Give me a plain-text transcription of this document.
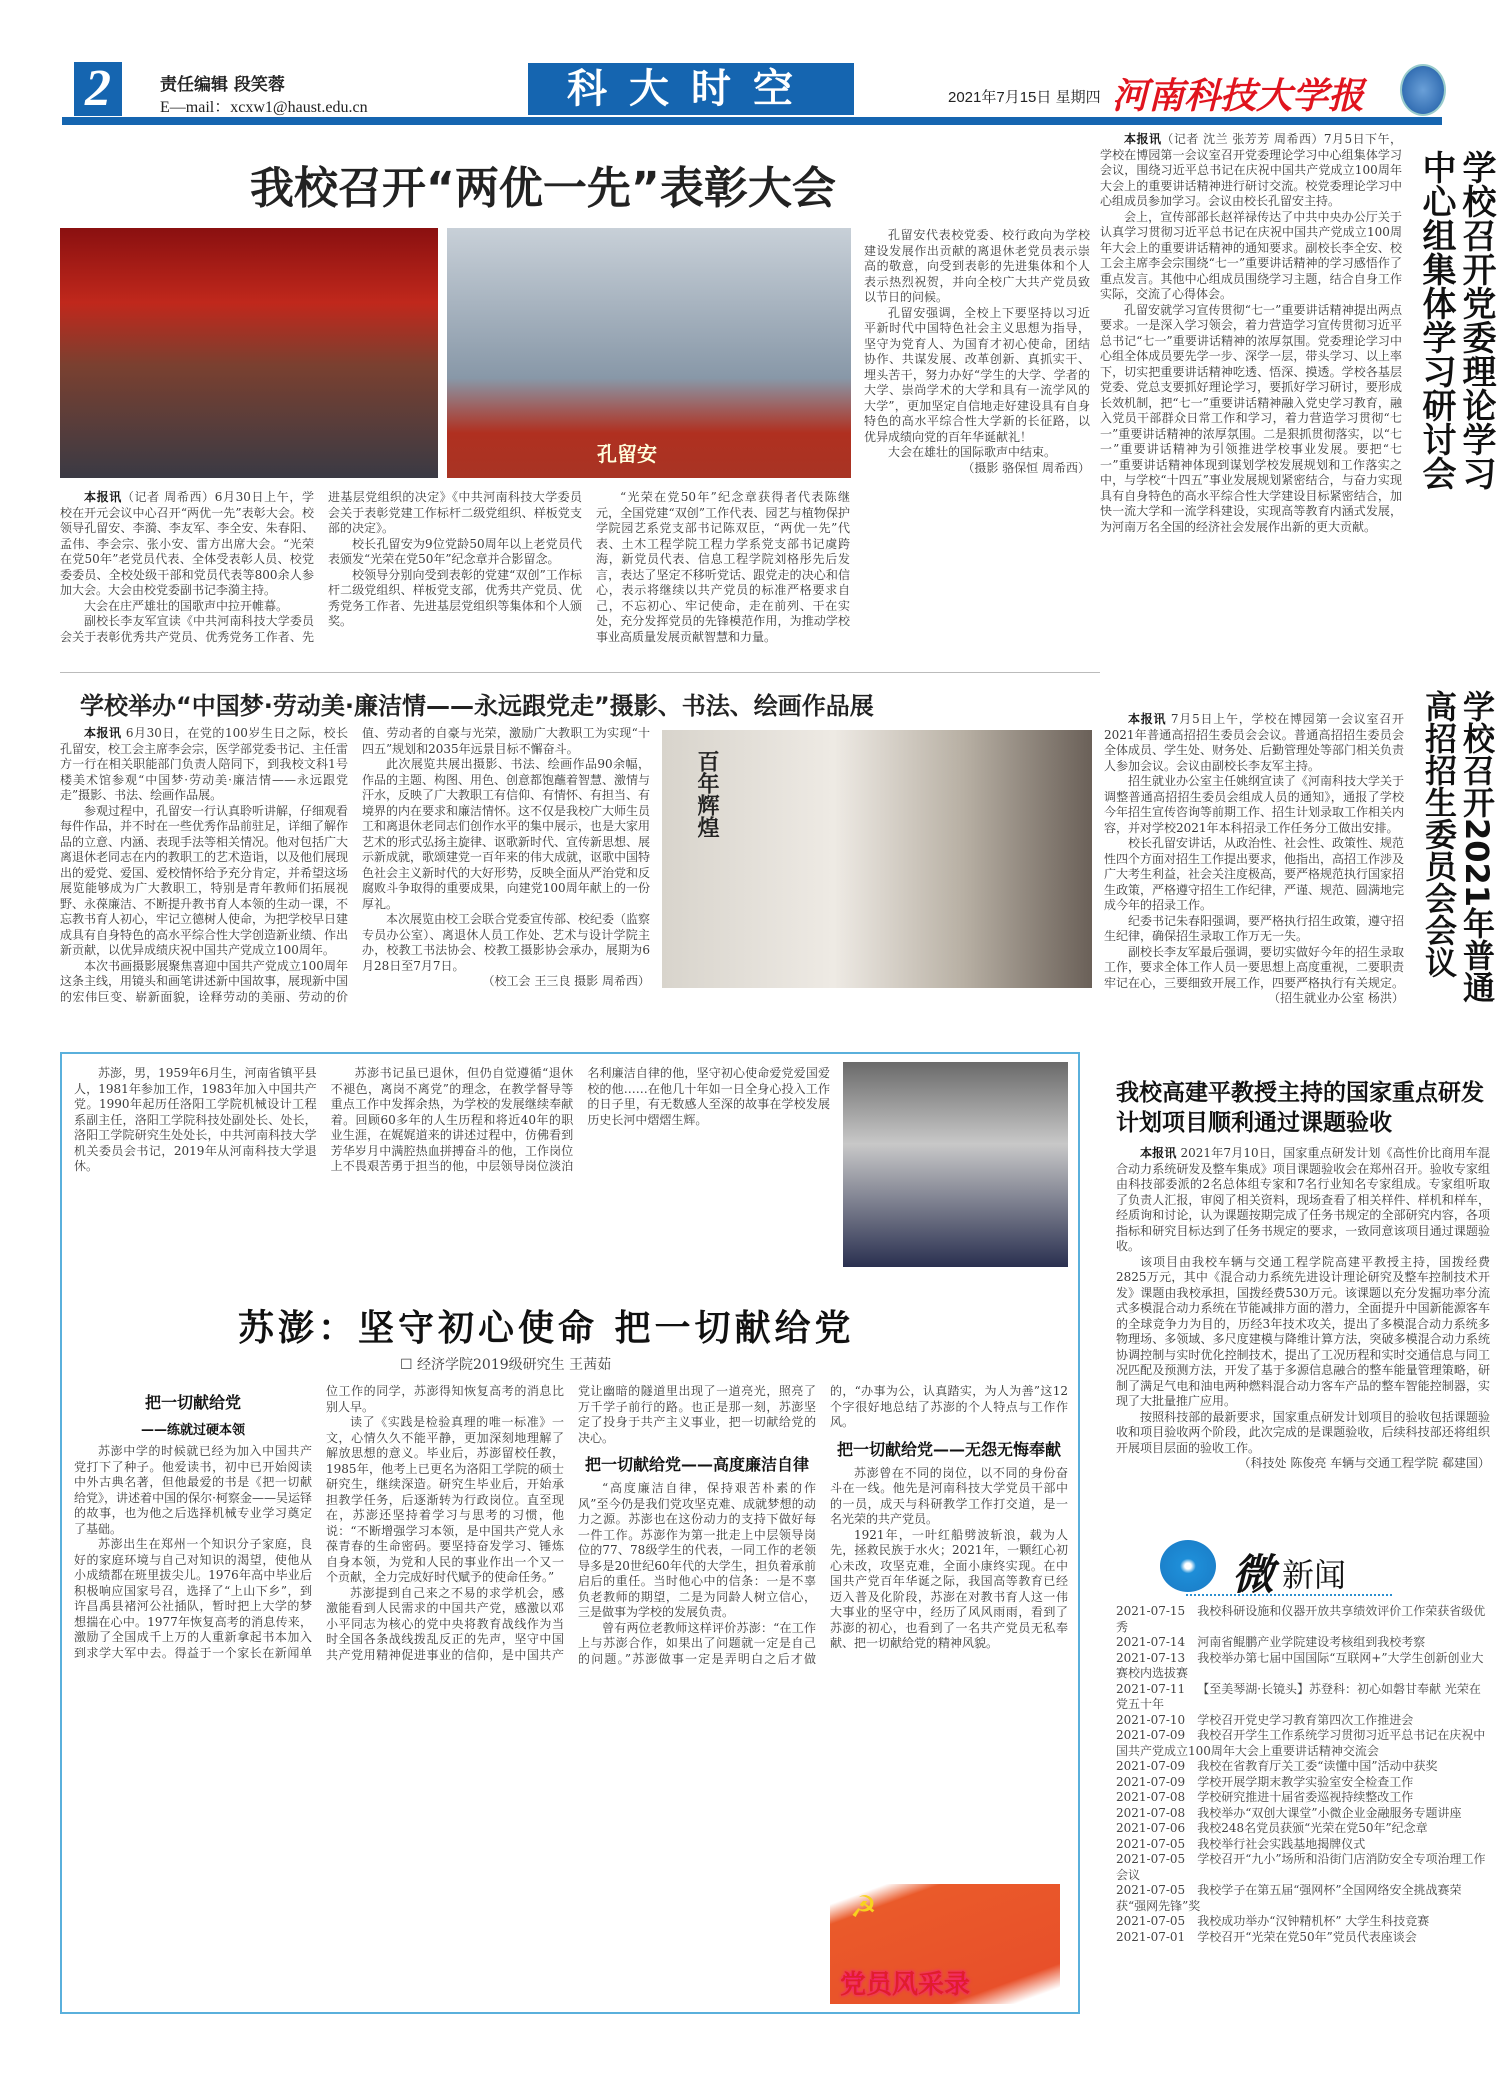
2	责任编辑 段笑蓉
E—mail：xcxw1@haust.edu.cn	科大时空	2021年7月15日 星期四 河南科技大学报
我校召开“两优一先”表彰大会
孔留安

本报讯（记者 周希西）6月30日上午，学校在开元会议中心召开“两优一先”表彰大会。校领导孔留安、李漪、李友军、李全安、朱春阳、孟伟、李会宗、张小安、雷方出席大会。“光荣在党50年”老党员代表、全体受表彰人员、校党委委员、全校处级干部和党员代表等800余人参加大会。大会由校党委副书记李漪主持。

大会在庄严雄壮的国歌声中拉开帷幕。

副校长李友军宣读《中共河南科技大学委员会关于表彰优秀共产党员、优秀党务工作者、先进基层党组织的决定》《中共河南科技大学委员会关于表彰党建工作标杆二级党组织、样板党支部的决定》。

校长孔留安为9位党龄50周年以上老党员代表颁发“光荣在党50年”纪念章并合影留念。

校领导分别向受到表彰的党建“双创”工作标杆二级党组织、样板党支部，优秀共产党员、优秀党务工作者、先进基层党组织等集体和个人颁奖。

“光荣在党50年”纪念章获得者代表陈继元，全国党建“双创”工作代表、园艺与植物保护学院园艺系党支部书记陈双臣，“两优一先”代表、土木工程学院工程力学系党支部书记虞跨海，新党员代表、信息工程学院刘格彤先后发言，表达了坚定不移听党话、跟党走的决心和信心，表示将继续以共产党员的标准严格要求自己，不忘初心、牢记使命，走在前列、干在实处，充分发挥党员的先锋模范作用，为推动学校事业高质量发展贡献智慧和力量。

孔留安代表校党委、校行政向为学校建设发展作出贡献的离退休老党员表示崇高的敬意，向受到表彰的先进集体和个人表示热烈祝贺，并向全校广大共产党员致以节日的问候。

孔留安强调，全校上下要坚持以习近平新时代中国特色社会主义思想为指导，坚守为党育人、为国育才初心使命，团结协作、共谋发展、改革创新、真抓实干、埋头苦干，努力办好“学生的大学、学者的大学、崇尚学术的大学和具有一流学风的大学”，更加坚定自信地走好建设具有自身特色的高水平综合性大学新的长征路，以优异成绩向党的百年华诞献礼！

大会在雄壮的国际歌声中结束。

（摄影 骆保恒 周希西）

本报讯（记者 沈兰 张芳芳 周希西）7月5日下午，学校在博园第一会议室召开党委理论学习中心组集体学习会议，围绕习近平总书记在庆祝中国共产党成立100周年大会上的重要讲话精神进行研讨交流。校党委理论学习中心组成员参加学习。会议由校长孔留安主持。

会上，宣传部部长赵祥禄传达了中共中央办公厅关于认真学习贯彻习近平总书记在庆祝中国共产党成立100周年大会上的重要讲话精神的通知要求。副校长李全安、校工会主席李会宗围绕“七一”重要讲话精神的学习感悟作了重点发言。其他中心组成员围绕学习主题，结合自身工作实际，交流了心得体会。

孔留安就学习宣传贯彻“七一”重要讲话精神提出两点要求。一是深入学习领会，着力营造学习宣传贯彻习近平总书记“七一”重要讲话精神的浓厚氛围。党委理论学习中心组全体成员要先学一步、深学一层，带头学习、以上率下，切实把重要讲话精神吃透、悟深、摸透。学校各基层党委、党总支要抓好理论学习，要抓好学习研讨，要形成长效机制，把“七一”重要讲话精神融入党史学习教育，融入党员干部群众日常工作和学习，着力营造学习贯彻“七一”重要讲话精神的浓厚氛围。二是狠抓贯彻落实，以“七一”重要讲话精神为引领推进学校事业发展。要把“七一”重要讲话精神体现到谋划学校发展规划和工作落实之中，与学校“十四五”事业发展规划紧密结合，与奋力实现具有自身特色的高水平综合性大学建设目标紧密结合，加快一流大学和一流学科建设，实现高等教育内涵式发展，为河南万名全国的经济社会发展作出新的更大贡献。

学校召开党委理论学习中心组集体学习研讨会
学校举办“中国梦·劳动美·廉洁情——永远跟党走”摄影、书法、绘画作品展

本报讯 6月30日，在党的100岁生日之际，校长孔留安，校工会主席李会宗，医学部党委书记、主任雷方一行在相关职能部门负责人陪同下，到我校文科1号楼美术馆参观“中国梦·劳动美·廉洁情——永远跟党走”摄影、书法、绘画作品展。

参观过程中，孔留安一行认真聆听讲解，仔细观看每件作品，并不时在一些优秀作品前驻足，详细了解作品的立意、内涵、表现手法等相关情况。他对包括广大离退休老同志在内的教职工的艺术造诣，以及他们展现出的爱党、爱国、爱校情怀给予充分肯定，并希望这场展览能够成为广大教职工，特别是青年教师们拓展视野、永葆廉洁、不断提升教书育人本领的生动一课，不忘教书育人初心，牢记立德树人使命，为把学校早日建成具有自身特色的高水平综合性大学创造新业绩、作出新贡献，以优异成绩庆祝中国共产党成立100周年。

本次书画摄影展聚焦喜迎中国共产党成立100周年这条主线，用镜头和画笔讲述新中国故事，展现新中国的宏伟巨变、崭新面貌，诠释劳动的美丽、劳动的价值、劳动者的自豪与光荣，激励广大教职工为实现“十四五”规划和2035年远景目标不懈奋斗。

此次展览共展出摄影、书法、绘画作品90余幅，作品的主题、构图、用色、创意都饱蘸着智慧、激情与汗水，反映了广大教职工有信仰、有情怀、有担当、有境界的内在要求和廉洁情怀。这不仅是我校广大师生员工和离退休老同志们创作水平的集中展示，也是大家用艺术的形式弘扬主旋律、讴歌新时代、宣传新思想、展示新成就，歌颂建党一百年来的伟大成就，讴歌中国特色社会主义新时代的大好形势，反映全面从严治党和反腐败斗争取得的重要成果，向建党100周年献上的一份厚礼。

本次展览由校工会联合党委宣传部、校纪委（监察专员办公室）、离退休人员工作处、艺术与设计学院主办，校教工书法协会、校教工摄影协会承办，展期为6月28日至7月7日。

（校工会 王三良 摄影 周希西）

百年辉煌

本报讯 7月5日上午，学校在博园第一会议室召开2021年普通高招招生委员会会议。普通高招招生委员会全体成员、学生处、财务处、后勤管理处等部门相关负责人参加会议。会议由副校长李友军主持。

招生就业办公室主任姚纲宣读了《河南科技大学关于调整普通高招招生委员会组成人员的通知》，通报了学校今年招生宣传咨询等前期工作、招生计划录取工作相关内容，并对学校2021年本科招录工作任务分工做出安排。

校长孔留安讲话，从政治性、社会性、政策性、规范性四个方面对招生工作提出要求，他指出，高招工作涉及广大考生利益，社会关注度极高，要严格规范执行国家招生政策，严格遵守招生工作纪律，严谨、规范、圆满地完成今年的招录工作。

纪委书记朱春阳强调，要严格执行招生政策，遵守招生纪律，确保招生录取工作万无一失。

副校长李友军最后强调，要切实做好今年的招生录取工作，要求全体工作人员一要思想上高度重视，二要职责牢记在心，三要细致开展工作，四要严格执行有关规定。

（招生就业办公室 杨洪）	学校召开2021年普通高招招生委员会会议

苏澎，男，1959年6月生，河南省镇平县人，1981年参加工作，1983年加入中国共产党。1990年起历任洛阳工学院机械设计工程系副主任，洛阳工学院科技处副处长、处长，洛阳工学院研究生处处长，中共河南科技大学机关委员会书记，2019年从河南科技大学退休。

苏澎书记虽已退休，但仍自觉遵循“退休不褪色，离岗不离党”的理念，在教学督导等重点工作中发挥余热，为学校的发展继续奉献着。回顾60多年的人生历程和将近40年的职业生涯，在娓娓道来的讲述过程中，仿佛看到芳华岁月中满腔热血拼搏奋斗的他，工作岗位上不畏艰苦勇于担当的他，中层领导岗位淡泊名利廉洁自律的他，坚守初心使命爱党爱国爱校的他……在他几十年如一日全身心投入工作的日子里，有无数感人至深的故事在学校发展历史长河中熠熠生辉。

苏澎：坚守初心使命 把一切献给党
☐ 经济学院2019级研究生 王茜茹

把一切献给党

——练就过硬本领

苏澎中学的时候就已经为加入中国共产党打下了种子。他爱读书，初中已开始阅读中外古典名著，但他最爱的书是《把一切献给党》，讲述着中国的保尔·柯察金——吴运铎的故事，也为他之后选择机械专业学习奠定了基础。

苏澎出生在郑州一个知识分子家庭，良好的家庭环境与自己对知识的渴望，使他从小成绩都在班里拔尖儿。1976年高中毕业后积极响应国家号召，选择了“上山下乡”，到许昌禹县褚河公社插队，暂时把上大学的梦想揣在心中。1977年恢复高考的消息传来，激励了全国成千上万的人重新拿起书本加入到求学大军中去。得益于一个家长在新闻单位工作的同学，苏澎得知恢复高考的消息比别人早。

读了《实践是检验真理的唯一标准》一文，心情久久不能平静，更加深刻地理解了解放思想的意义。毕业后，苏澎留校任教，1985年，他考上已更名为洛阳工学院的硕士研究生，继续深造。研究生毕业后，开始承担教学任务，后逐渐转为行政岗位。直至现在，苏澎还坚持着学习与思考的习惯，他说：“不断增强学习本领，是中国共产党人永葆青春的生命密码。要坚持奋发学习、锤炼自身本领，为党和人民的事业作出一个又一个贡献，全力完成好时代赋予的使命任务。”

苏澎提到自己来之不易的求学机会，感激能看到人民需求的中国共产党，感激以邓小平同志为核心的党中央将教育战线作为当时全国各条战线拨乱反正的先声，坚守中国共产党用精神促进事业的信仰，是中国共产党让幽暗的隧道里出现了一道亮光，照亮了万千学子前行的路。也正是那一刻，苏澎坚定了投身于共产主义事业，把一切献给党的决心。

把一切献给党——高度廉洁自律

“高度廉洁自律，保持艰苦朴素的作风”至今仍是我们党攻坚克难、成就梦想的动力之源。苏澎也在这份动力的支持下做好每一件工作。苏澎作为第一批走上中层领导岗位的77、78级学生的代表，一同工作的老领导多是20世纪60年代的大学生，担负着承前启后的重任。当时他心中的信条：一是不辜负老教师的期望，二是为同龄人树立信心，三是做事为学校的发展负责。

曾有两位老教师这样评价苏澎：“在工作上与苏澎合作，如果出了问题就一定是自己的问题。”苏澎做事一定是弄明白之后才做的，“办事为公，认真踏实，为人为善”这12个字很好地总结了苏澎的个人特点与工作作风。

把一切献给党——无怨无悔奉献

苏澎曾在不同的岗位，以不同的身份奋斗在一线。他先是河南科技大学党员干部中的一员，成天与科研教学工作打交道，是一名光荣的共产党员。

1921年，一叶红船劈波斩浪，载为人先，拯救民族于水火；2021年，一颗红心初心未改，攻坚克难，全面小康终实现。在中国共产党百年华诞之际，我国高等教育已经迈入普及化阶段，苏澎在对教书育人这一伟大事业的坚守中，经历了风风雨雨，看到了苏澎的初心，也看到了一名共产党员无私奉献、把一切献给党的精神风貌。

☭
党员风采录
我校高建平教授主持的国家重点研发计划项目顺利通过课题验收

本报讯 2021年7月10日，国家重点研发计划《高性价比商用车混合动力系统研发及整车集成》项目课题验收会在郑州召开。验收专家组由科技部委派的2名总体组专家和7名行业知名专家组成。专家组听取了负责人汇报，审阅了相关资料，现场查看了相关样件、样机和样车，经质询和讨论，认为课题按期完成了任务书规定的全部研究内容，各项指标和研究目标达到了任务书规定的要求，一致同意该项目通过课题验收。

该项目由我校车辆与交通工程学院高建平教授主持，国拨经费2825万元，其中《混合动力系统先进设计理论研究及整车控制技术开发》课题由我校承担，国拨经费530万元。该课题以充分发掘功率分流式多模混合动力系统在节能减排方面的潜力，全面提升中国新能源客车的全球竞争力为目的，历经3年技术攻关，提出了多模混合动力系统多物理场、多领域、多尺度建模与降维计算方法，突破多模混合动力系统协调控制与实时优化控制技术，提出了工况历程和实时交通信息与同工况匹配及预测方法，开发了基于多源信息融合的整车能量管理策略，研制了满足气电和油电两种燃料混合动力客车产品的整车智能控制器，实现了大批量推广应用。

按照科技部的最新要求，国家重点研发计划项目的验收包括课题验收和项目验收两个阶段，此次完成的是课题验收，后续科技部还将组织开展项目层面的验收工作。

（科技处 陈俊亮 车辆与交通工程学院 郗建国）

微 新闻
2021-07-15 我校科研设施和仪器开放共享绩效评价工作荣获省级优秀
2021-07-14 河南省鲲鹏产业学院建设考核组到我校考察
2021-07-13 我校举办第七届中国国际“互联网+”大学生创新创业大赛校内选拔赛
2021-07-11 【至美琴湖·长镜头】苏登科：初心如磐甘奉献 光荣在党五十年
2021-07-10 学校召开党史学习教育第四次工作推进会
2021-07-09 我校召开学生工作系统学习贯彻习近平总书记在庆祝中国共产党成立100周年大会上重要讲话精神交流会
2021-07-09 我校在省教育厅关工委“读懂中国”活动中获奖
2021-07-09 学校开展学期末教学实验室安全检查工作
2021-07-08 学校研究推进十届省委巡视持续整改工作
2021-07-08 我校举办“双创大课堂”小微企业金融服务专题讲座
2021-07-06 我校248名党员获颁“光荣在党50年”纪念章
2021-07-05 我校举行社会实践基地揭牌仪式
2021-07-05 学校召开“九小”场所和沿街门店消防安全专项治理工作会议
2021-07-05 我校学子在第五届“强网杯”全国网络安全挑战赛荣获“强网先锋”奖
2021-07-05 我校成功举办“汉钟精机杯” 大学生科技竞赛
2021-07-01 学校召开“光荣在党50年”党员代表座谈会
